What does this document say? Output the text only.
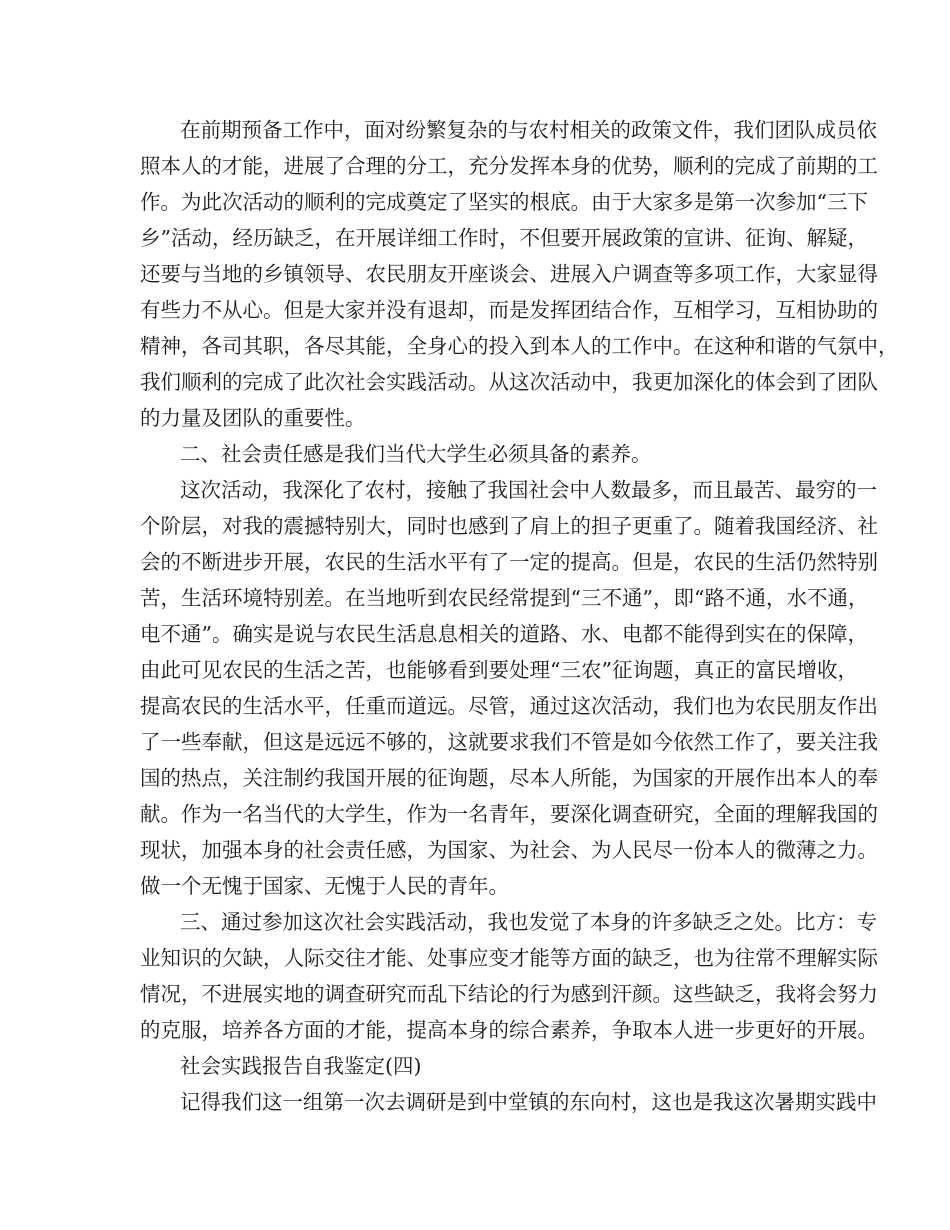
在前期预备工作中，面对纷繁复杂的与农村相关的政策文件，我们团队成员依
照本人的才能，进展了合理的分工，充分发挥本身的优势，顺利的完成了前期的工
作。为此次活动的顺利的完成奠定了坚实的根底。由于大家多是第一次参加“三下
乡”活动，经历缺乏，在开展详细工作时，不但要开展政策的宣讲、征询、解疑，
还要与当地的乡镇领导、农民朋友开座谈会、进展入户调查等多项工作，大家显得
有些力不从心。但是大家并没有退却，而是发挥团结合作，互相学习，互相协助的
精神，各司其职，各尽其能，全身心的投入到本人的工作中。在这种和谐的气氛中，
我们顺利的完成了此次社会实践活动。从这次活动中，我更加深化的体会到了团队
的力量及团队的重要性。
二、社会责任感是我们当代大学生必须具备的素养。
这次活动，我深化了农村，接触了我国社会中人数最多，而且最苦、最穷的一
个阶层，对我的震撼特别大，同时也感到了肩上的担子更重了。随着我国经济、社
会的不断进步开展，农民的生活水平有了一定的提高。但是，农民的生活仍然特别
苦，生活环境特别差。在当地听到农民经常提到“三不通”，即“路不通，水不通，
电不通”。确实是说与农民生活息息相关的道路、水、电都不能得到实在的保障，
由此可见农民的生活之苦，也能够看到要处理“三农”征询题，真正的富民增收，
提高农民的生活水平，任重而道远。尽管，通过这次活动，我们也为农民朋友作出
了一些奉献，但这是远远不够的，这就要求我们不管是如今依然工作了，要关注我
国的热点，关注制约我国开展的征询题，尽本人所能，为国家的开展作出本人的奉
献。作为一名当代的大学生，作为一名青年，要深化调查研究，全面的理解我国的
现状，加强本身的社会责任感，为国家、为社会、为人民尽一份本人的微薄之力。
做一个无愧于国家、无愧于人民的青年。
三、通过参加这次社会实践活动，我也发觉了本身的许多缺乏之处。比方：专
业知识的欠缺，人际交往才能、处事应变才能等方面的缺乏，也为往常不理解实际
情况，不进展实地的调查研究而乱下结论的行为感到汗颜。这些缺乏，我将会努力
的克服，培养各方面的才能，提高本身的综合素养，争取本人进一步更好的开展。
社会实践报告自我鉴定(四)
记得我们这一组第一次去调研是到中堂镇的东向村，这也是我这次暑期实践中
